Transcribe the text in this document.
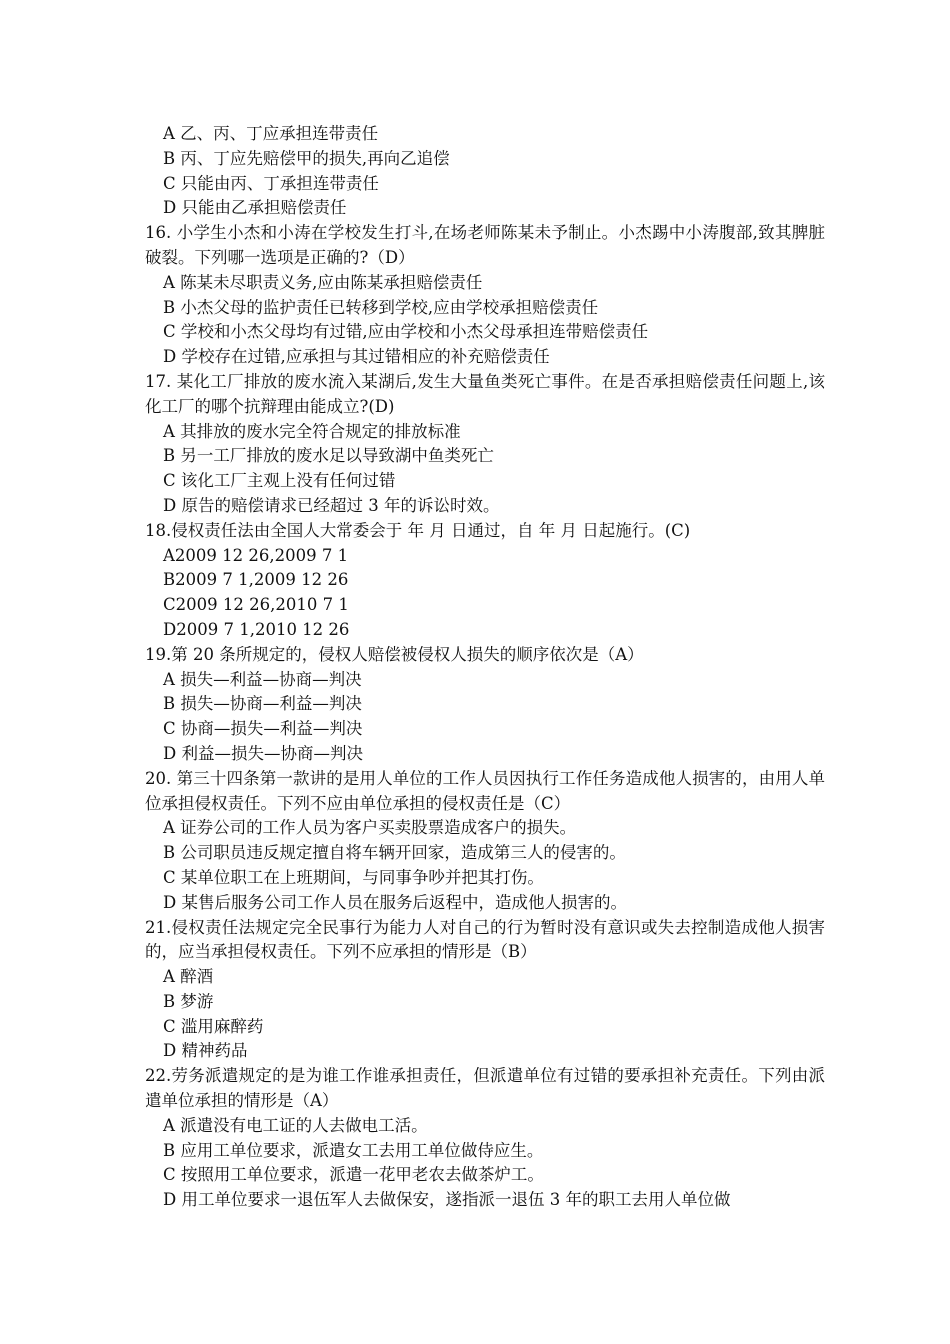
A 乙、丙、丁应承担连带责任

B 丙、丁应先赔偿甲的损失,再向乙追偿

C 只能由丙、丁承担连带责任

D 只能由乙承担赔偿责任

16. 小学生小杰和小涛在学校发生打斗,在场老师陈某未予制止。小杰踢中小涛腹部,致其脾脏破裂。下列哪一选项是正确的?（D）

A 陈某未尽职责义务,应由陈某承担赔偿责任

B 小杰父母的监护责任已转移到学校,应由学校承担赔偿责任

C 学校和小杰父母均有过错,应由学校和小杰父母承担连带赔偿责任

D 学校存在过错,应承担与其过错相应的补充赔偿责任

17. 某化工厂排放的废水流入某湖后,发生大量鱼类死亡事件。在是否承担赔偿责任问题上,该化工厂的哪个抗辩理由能成立?(D)

A 其排放的废水完全符合规定的排放标准

B 另一工厂排放的废水足以导致湖中鱼类死亡

C 该化工厂主观上没有任何过错

D 原告的赔偿请求已经超过 3 年的诉讼时效。

18.侵权责任法由全国人大常委会于 年 月 日通过，自 年 月 日起施行。(C)

A2009 12 26,2009 7 1

B2009 7 1,2009 12 26

C2009 12 26,2010 7 1

D2009 7 1,2010 12 26

19.第 20 条所规定的，侵权人赔偿被侵权人损失的顺序依次是（A）

A 损失—利益—协商—判决

B 损失—协商—利益—判决

C 协商—损失—利益—判决

D 利益—损失—协商—判决

20. 第三十四条第一款讲的是用人单位的工作人员因执行工作任务造成他人损害的，由用人单位承担侵权责任。下列不应由单位承担的侵权责任是（C）

A 证券公司的工作人员为客户买卖股票造成客户的损失。

B 公司职员违反规定擅自将车辆开回家，造成第三人的侵害的。

C 某单位职工在上班期间，与同事争吵并把其打伤。

D 某售后服务公司工作人员在服务后返程中，造成他人损害的。

21.侵权责任法规定完全民事行为能力人对自己的行为暂时没有意识或失去控制造成他人损害的，应当承担侵权责任。下列不应承担的情形是（B）

A 醉酒

B 梦游

C 滥用麻醉药

D 精神药品

22.劳务派遣规定的是为谁工作谁承担责任，但派遣单位有过错的要承担补充责任。下列由派遣单位承担的情形是（A）

A 派遣没有电工证的人去做电工活。

B 应用工单位要求，派遣女工去用工单位做侍应生。

C 按照用工单位要求，派遣一花甲老农去做茶炉工。

D 用工单位要求一退伍军人去做保安，遂指派一退伍 3 年的职工去用人单位做
